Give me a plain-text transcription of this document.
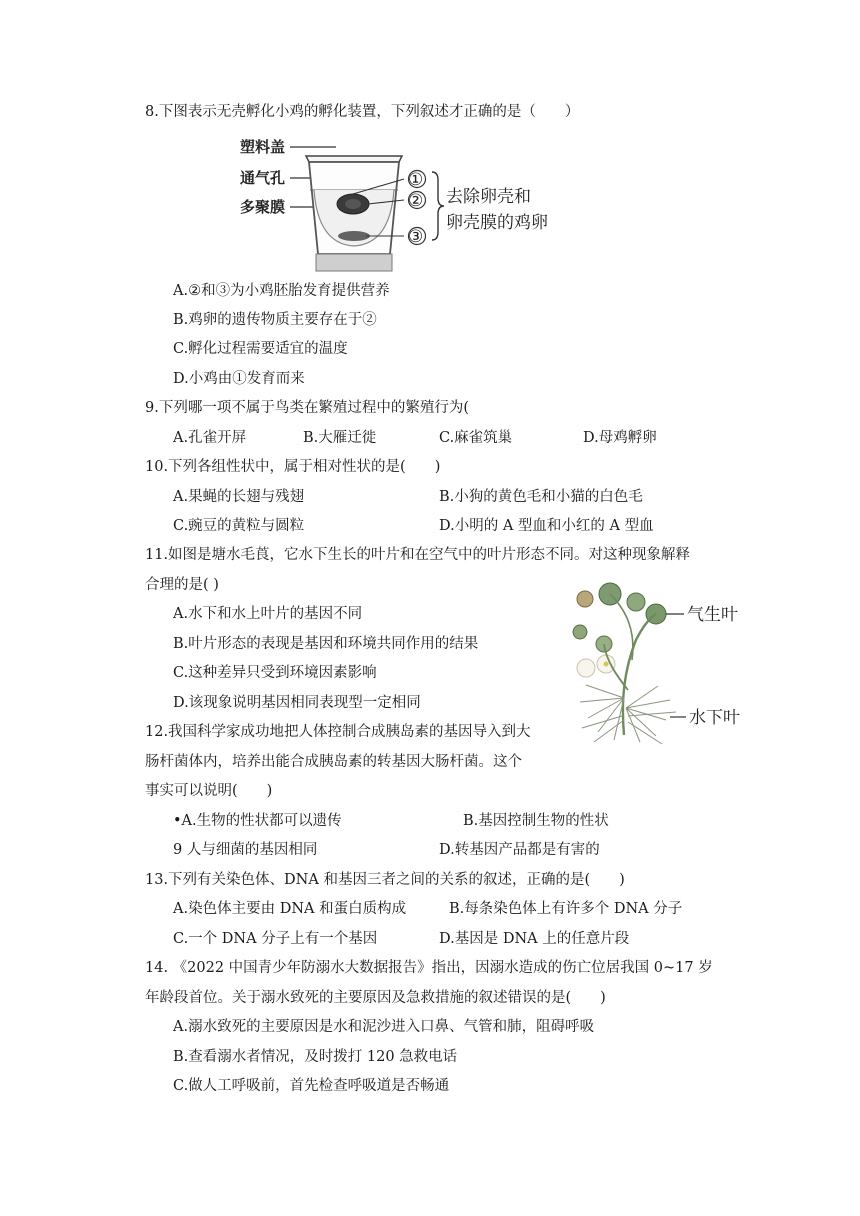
8.下图表示无壳孵化小鸡的孵化装置，下列叙述才正确的是（　　）
塑料盖
通气孔
多聚膜
①
②
③
去除卵壳和
卵壳膜的鸡卵
A.②和③为小鸡胚胎发育提供营养
B.鸡卵的遗传物质主要存在于②
C.孵化过程需要适宜的温度
D.小鸡由①发育而来
9.下列哪一项不属于鸟类在繁殖过程中的繁殖行为(
A.孔雀开屏	B.大雁迁徙	C.麻雀筑巢	D.母鸡孵卵
10.下列各组性状中，属于相对性状的是(　　)
A.果蝇的长翅与残翅	B.小狗的黄色毛和小猫的白色毛
C.豌豆的黄粒与圆粒	D.小明的 A 型血和小红的 A 型血
11.如图是塘水毛莨，它水下生长的叶片和在空气中的叶片形态不同。对这种现象解释
合理的是( )
气生叶
水下叶
A.水下和水上叶片的基因不同
B.叶片形态的表现是基因和环境共同作用的结果
C.这种差异只受到环境因素影响
D.该现象说明基因相同表现型一定相同
12.我国科学家成功地把人体控制合成胰岛素的基因导入到大
肠杆菌体内，培养出能合成胰岛素的转基因大肠杆菌。这个
事实可以说明(　　)
•A.生物的性状都可以遗传	B.基因控制生物的性状
9 人与细菌的基因相同	D.转基因产品都是有害的
13.下列有关染色体、DNA 和基因三者之间的关系的叙述，正确的是(　　)
A.染色体主要由 DNA 和蛋白质构成	B.每条染色体上有许多个 DNA 分子
C.一个 DNA 分子上有一个基因	D.基因是 DNA 上的任意片段
14. 《2022 中国青少年防溺水大数据报告》指出，因溺水造成的伤亡位居我国 0~17 岁
年龄段首位。关于溺水致死的主要原因及急救措施的叙述错误的是(　　)
A.溺水致死的主要原因是水和泥沙进入口鼻、气管和肺，阻碍呼吸
B.查看溺水者情况，及时拨打 120 急救电话
C.做人工呼吸前，首先检查呼吸道是否畅通
